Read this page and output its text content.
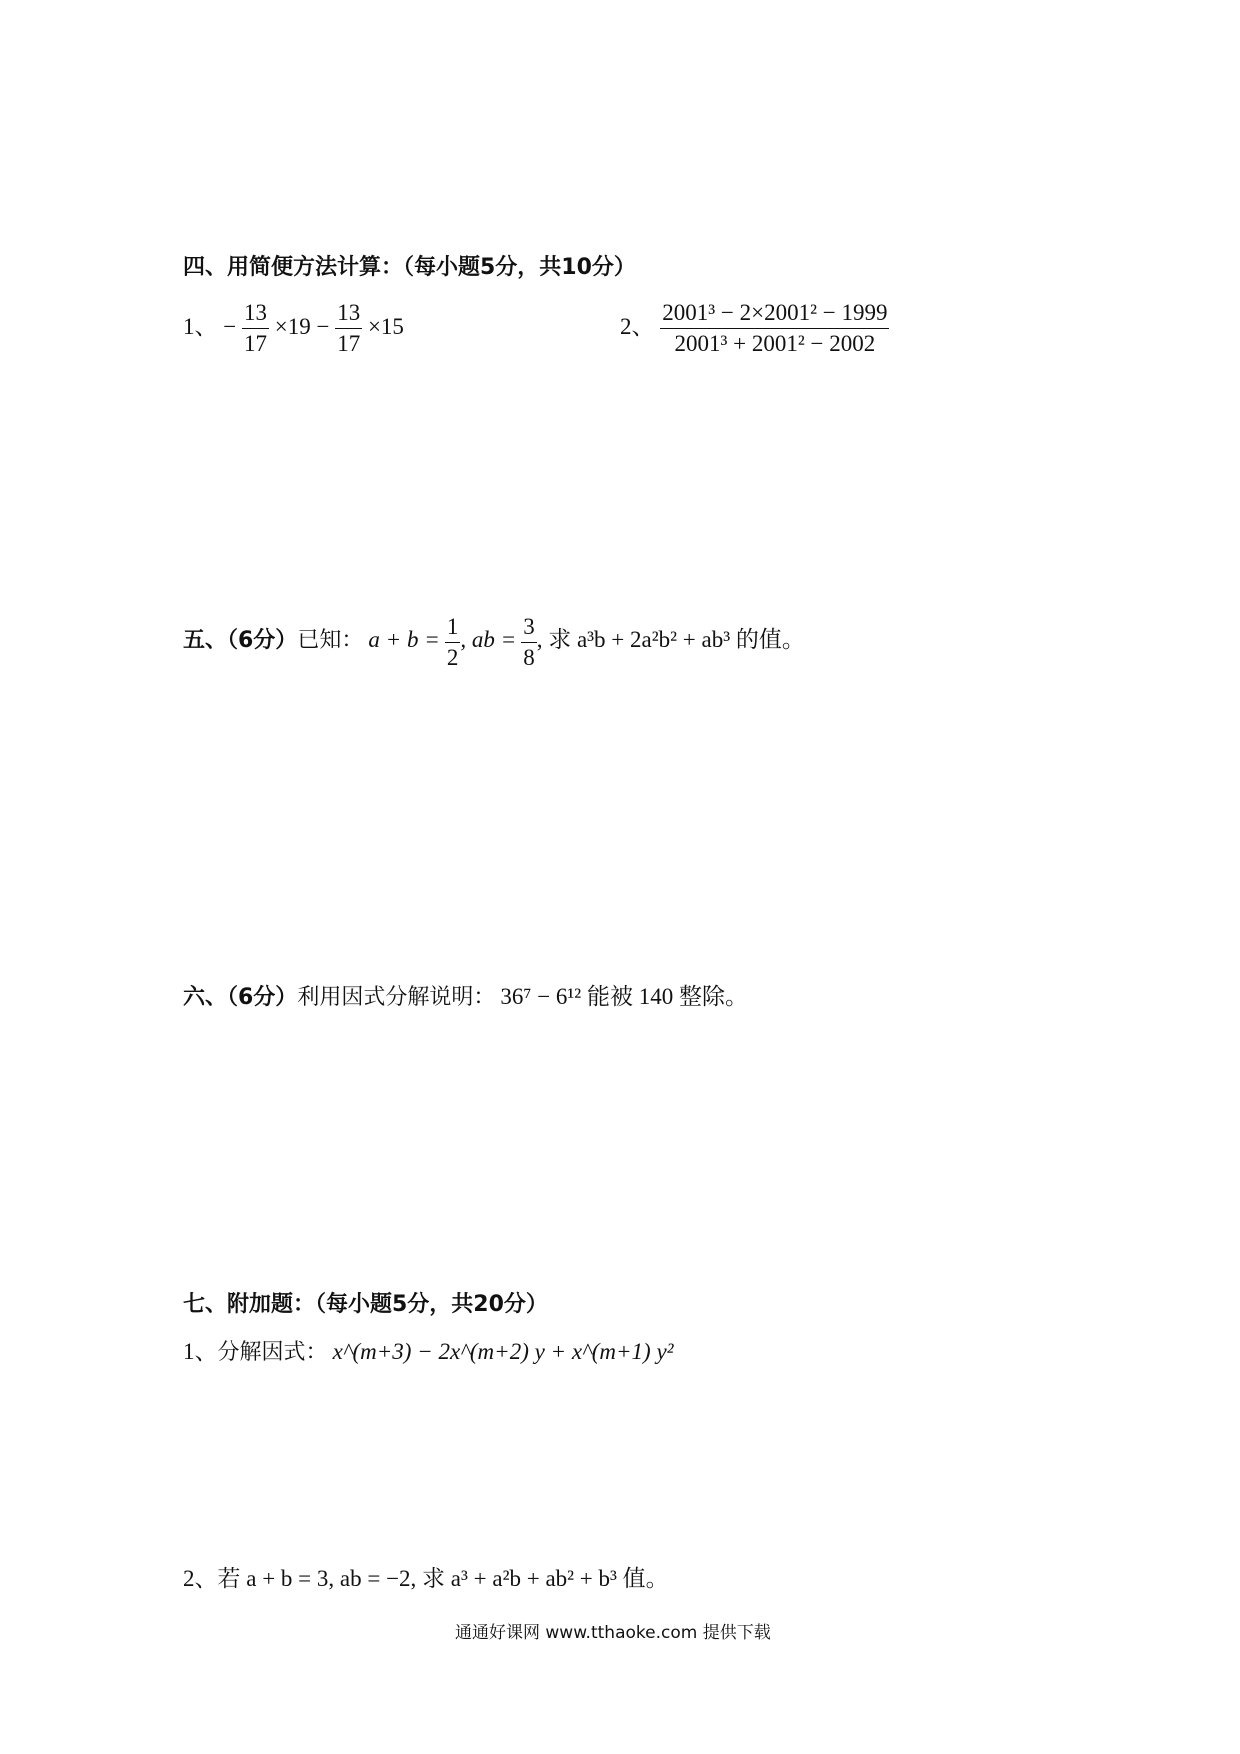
四、用简便方法计算：（每小题5分，共10分）
1、 − $\frac{13}{17} \times 19 - \frac{13}{17} \times 15$	2、 $\frac{\text{2001³ − 2×2001² − 1999}}{\text{2001³ + 2001² − 2002}}$
五、（6分）已知： $a + b = \frac{1}{2}$ , ab = $\frac{3}{8}$ , 求 a³b + 2a²b² + ab³ 的值。
六、（6分）利用因式分解说明： 36⁷ − 6¹² 能被 140 整除。
七、附加题：（每小题5分，共20分）
1、分解因式： x^(m+3) − 2x^(m+2) y + x^(m+1) y²
2、若 a + b = 3, ab = −2, 求 a³ + a²b + ab² + b³ 值。
通通好课网 www.tthaoke.com 提供下载
